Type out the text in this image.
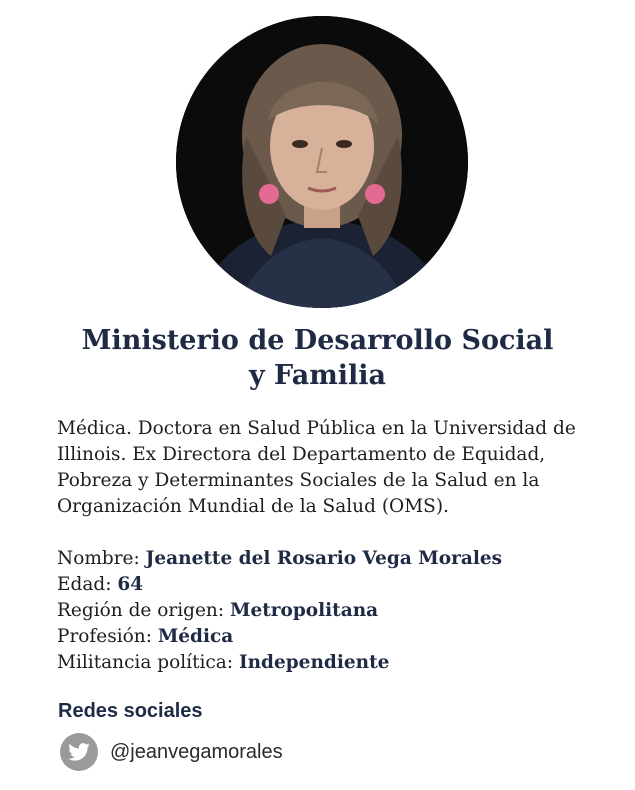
Ministerio de Desarrollo Social
y Familia

Médica. Doctora en Salud Pública en la Universidad de
Illinois. Ex Directora del Departamento de Equidad,
Pobreza y Determinantes Sociales de la Salud en la
Organización Mundial de la Salud (OMS).

Nombre: Jeanette del Rosario Vega Morales
Edad: 64
Región de origen: Metropolitana
Profesión: Médica
Militancia política: Independiente
Redes sociales
@jeanvegamorales
